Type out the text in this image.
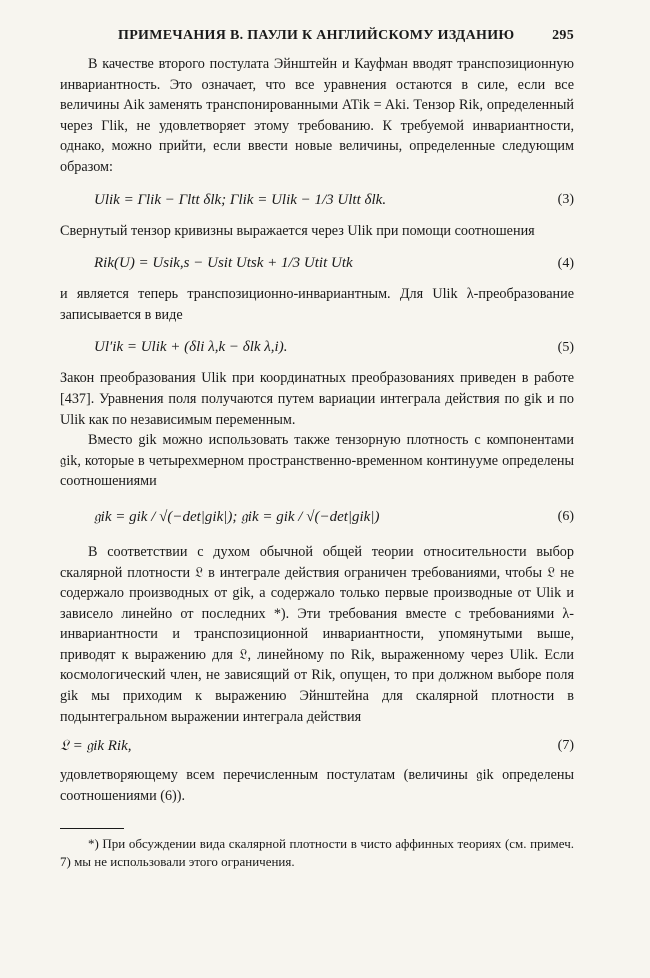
ПРИМЕЧАНИЯ В. ПАУЛИ К АНГЛИЙСКОМУ ИЗДАНИЮ	295

В качестве второго постулата Эйнштейн и Кауфман вводят транспозиционную инвариантность. Это означает, что все уравнения остаются в силе, если все величины Aik заменять транспонированными ATik = Aki. Тензор Rik, определенный через Γlik, не удовлетворяет этому требованию. К требуемой инвариантности, однако, можно прийти, если ввести новые величины, определенные следующим образом:

Ulik = Γlik − Γltt δlk; Γlik = Ulik − 1/3 Ultt δlk.	(3)

Свернутый тензор кривизны выражается через Ulik при помощи соотношения

Rik(U) = Usik,s − Usit Utsk + 1/3 Utit Utk	(4)

и является теперь транспозиционно-инвариантным. Для Ulik λ-преобразование записывается в виде

Ul′ik = Ulik + (δli λ,k − δlk λ,i).	(5)

Закон преобразования Ulik при координатных преобразованиях приведен в работе [437]. Уравнения поля получаются путем вариации интеграла действия по gik и по Ulik как по независимым переменным.

Вместо gik можно использовать также тензорную плотность с компонентами 𝔤ik, которые в четырехмерном пространственно-временном континууме определены соотношениями

𝔤ik = gik / √(−det|gik|); 𝔤ik = gik / √(−det|gik|)	(6)

В соответствии с духом обычной общей теории относительности выбор скалярной плотности 𝔏 в интеграле действия ограничен требованиями, чтобы 𝔏 не содержало производных от gik, а содержало только первые производные от Ulik и зависело линейно от последних *). Эти требования вместе с требованиями λ-инвариантности и транспозиционной инвариантности, упомянутыми выше, приводят к выражению для 𝔏, линейному по Rik, выраженному через Ulik. Если космологический член, не зависящий от Rik, опущен, то при должном выборе поля gik мы приходим к выражению Эйнштейна для скалярной плотности в подынтегральном выражении интеграла действия

𝔏 = 𝔤ik Rik,	(7)

удовлетворяющему всем перечисленным постулатам (величины 𝔤ik определены соотношениями (6)).

*) При обсуждении вида скалярной плотности в чисто аффинных теориях (см. примеч. 7) мы не использовали этого ограничения.
